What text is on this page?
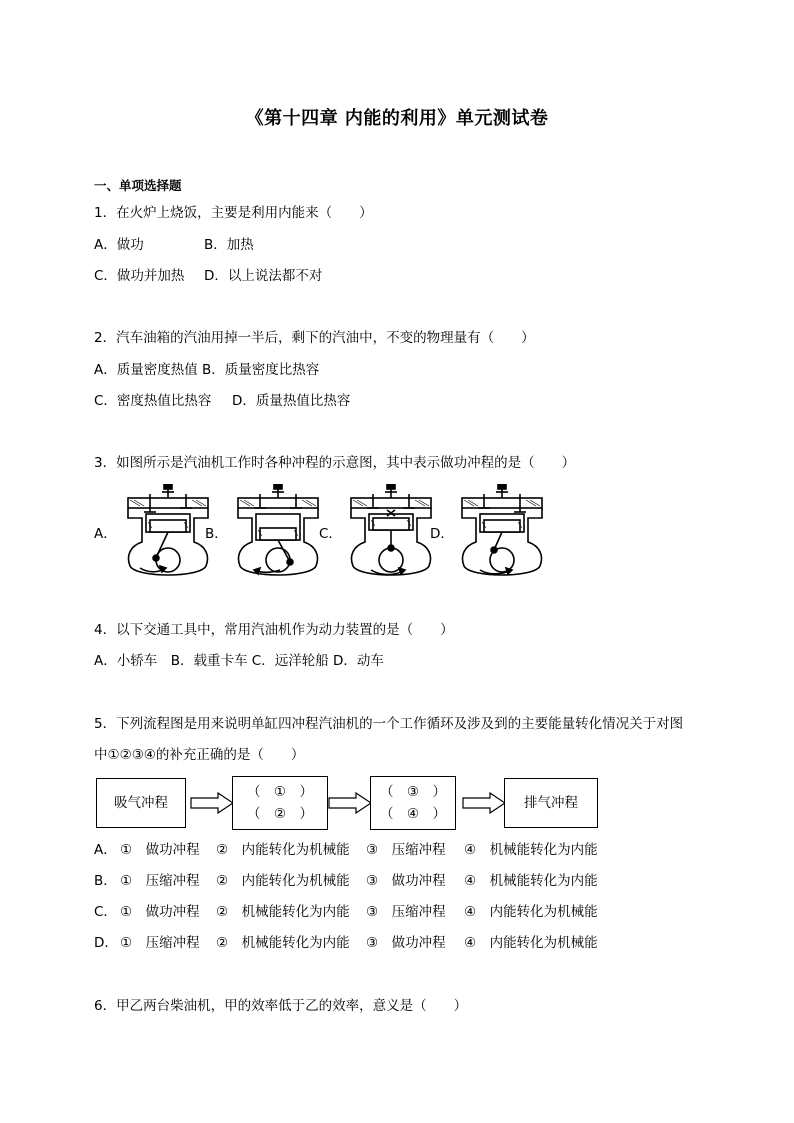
《第十四章 内能的利用》单元测试卷
一、单项选择题
1．在火炉上烧饭，主要是利用内能来（　　）
A．做功	B．加热
C．做功并加热 D．以上说法都不对
2．汽车油箱的汽油用掉一半后，剩下的汽油中，不变的物理量有（　　）
A．质量密度热值 B．质量密度比热容
C．密度热值比热容 D．质量热值比热容
3．如图所示是汽油机工作时各种冲程的示意图，其中表示做功冲程的是（　　）
A．	B．	C．	D．
4．以下交通工具中，常用汽油机作为动力装置的是（　　）
A．小轿车　B．载重卡车 C．远洋轮船 D．动车
5．下列流程图是用来说明单缸四冲程汽油机的一个工作循环及涉及到的主要能量转化情况关于对图
中①②③④的补充正确的是（　　）
吸气冲程
（　①　）
（　②　）
（　③　）
（　④　）
排气冲程

A．

①　做功冲程

②　内能转化为机械能

③　压缩冲程

④　机械能转化为内能

B．

①　压缩冲程

②　内能转化为机械能

③　做功冲程

④　机械能转化为内能

C．

①　做功冲程

②　机械能转化为内能

③　压缩冲程

④　内能转化为机械能

D．

①　压缩冲程

②　机械能转化为内能

③　做功冲程

④　内能转化为机械能

6．甲乙两台柴油机，甲的效率低于乙的效率，意义是（　　）
